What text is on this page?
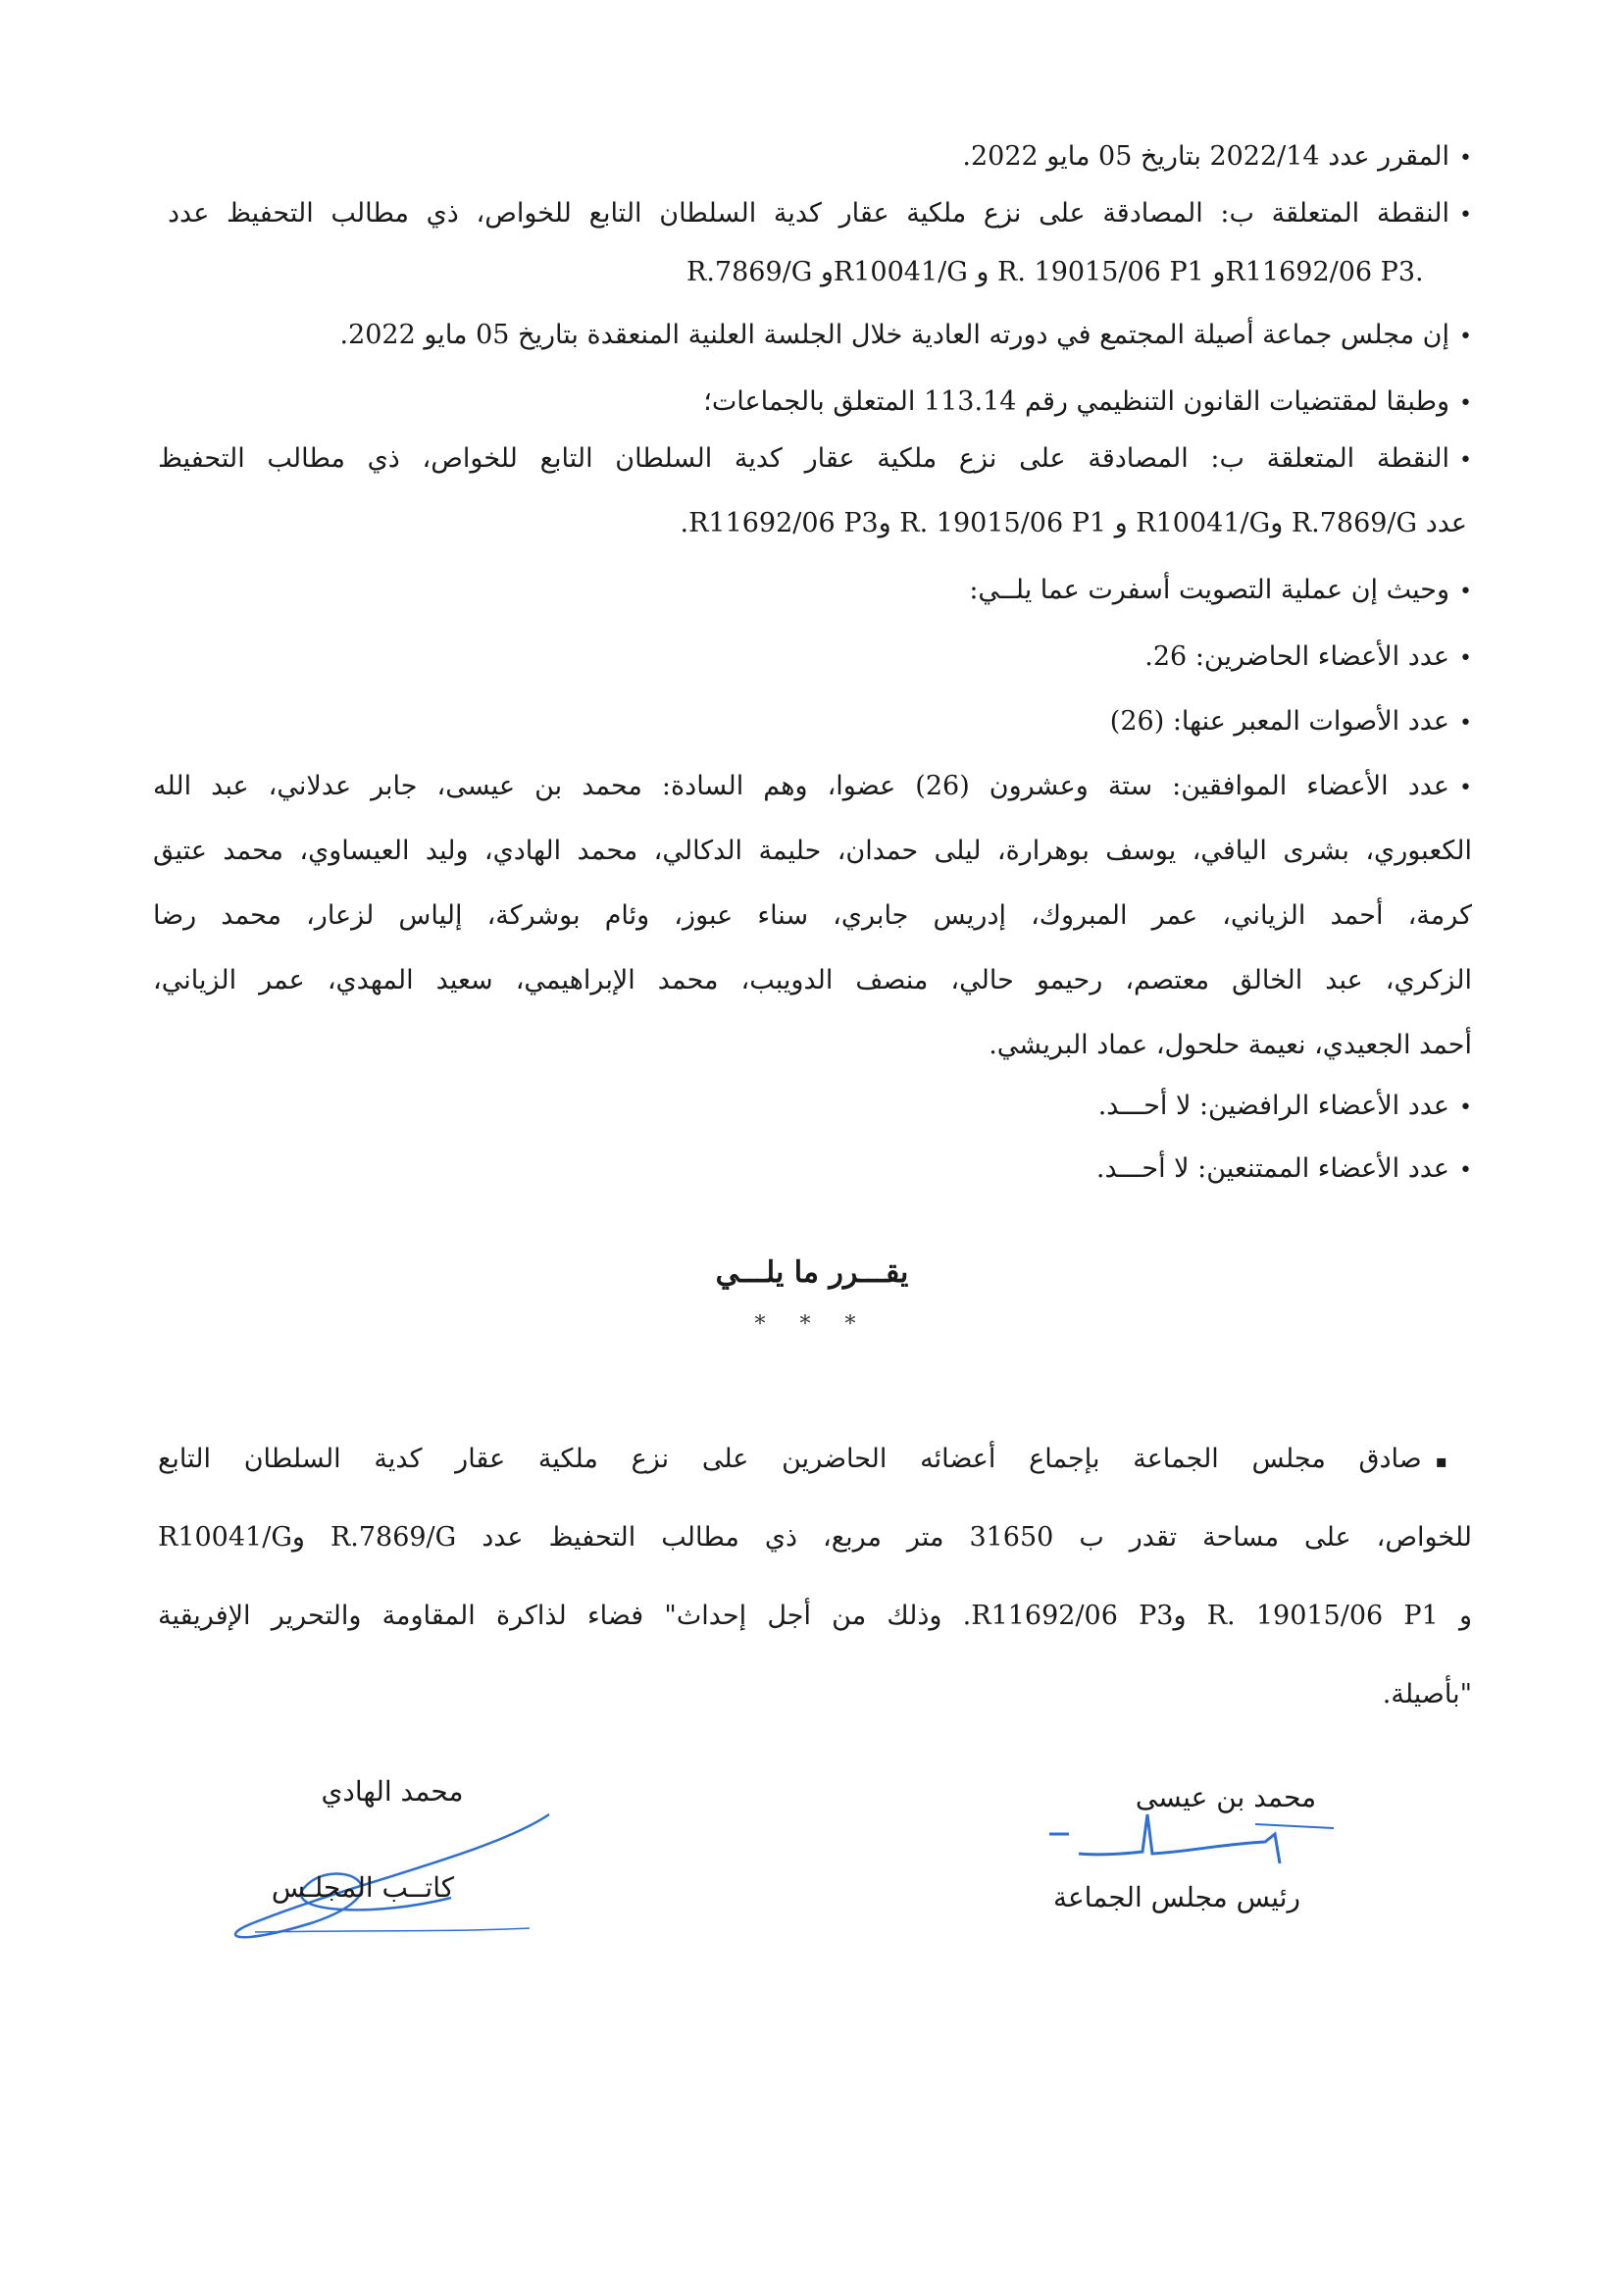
• المقرر عدد 2022/14 بتاريخ 05 مايو 2022.
• النقطة المتعلقة ب: المصادقة على نزع ملكية عقار كدية السلطان التابع للخواص، ذي مطالب التحفيظ عدد
R.7869/G وR10041/G و R. 19015/06 P1 وR11692/06 P3.
• إن مجلس جماعة أصيلة المجتمع في دورته العادية خلال الجلسة العلنية المنعقدة بتاريخ 05 مايو 2022.
• وطبقا لمقتضيات القانون التنظيمي رقم 113.14 المتعلق بالجماعات؛
• النقطة المتعلقة ب: المصادقة على نزع ملكية عقار كدية السلطان التابع للخواص، ذي مطالب التحفيظ
عدد R.7869/G وR10041/G و R. 19015/06 P1 وR11692/06 P3.
• وحيث إن عملية التصويت أسفرت عما يلــي:
• عدد الأعضاء الحاضرين: 26.
• عدد الأصوات المعبر عنها: (26)
• عدد الأعضاء الموافقين: ستة وعشرون (26) عضوا، وهم السادة: محمد بن عيسى، جابر عدلاني، عبد الله
الكعبوري، بشرى اليافي، يوسف بوهرارة، ليلى حمدان، حليمة الدكالي، محمد الهادي، وليد العيساوي، محمد عتيق
كرمة، أحمد الزياني، عمر المبروك، إدريس جابري، سناء عبوز، وئام بوشركة، إلياس لزعار، محمد رضا
الزكري، عبد الخالق معتصم، رحيمو حالي، منصف الدويبب، محمد الإبراهيمي، سعيد المهدي، عمر الزياني،
أحمد الجعيدي، نعيمة حلحول، عماد البريشي.
• عدد الأعضاء الرافضين: لا أحـــد.
• عدد الأعضاء الممتنعين: لا أحـــد.
يقـــرر ما يلـــي
* * *
▪ صادق مجلس الجماعة بإجماع أعضائه الحاضرين على نزع ملكية عقار كدية السلطان التابع
للخواص، على مساحة تقدر ب 31650 متر مربع، ذي مطالب التحفيظ عدد R.7869/G وR10041/G
و R. 19015/06 P1 وR11692/06 P3. وذلك من أجل إحداث" فضاء لذاكرة المقاومة والتحرير الإفريقية
"بأصيلة.
محمد الهادي
كاتــب المجلـس
محمد بن عيسى
رئيس مجلس الجماعة
